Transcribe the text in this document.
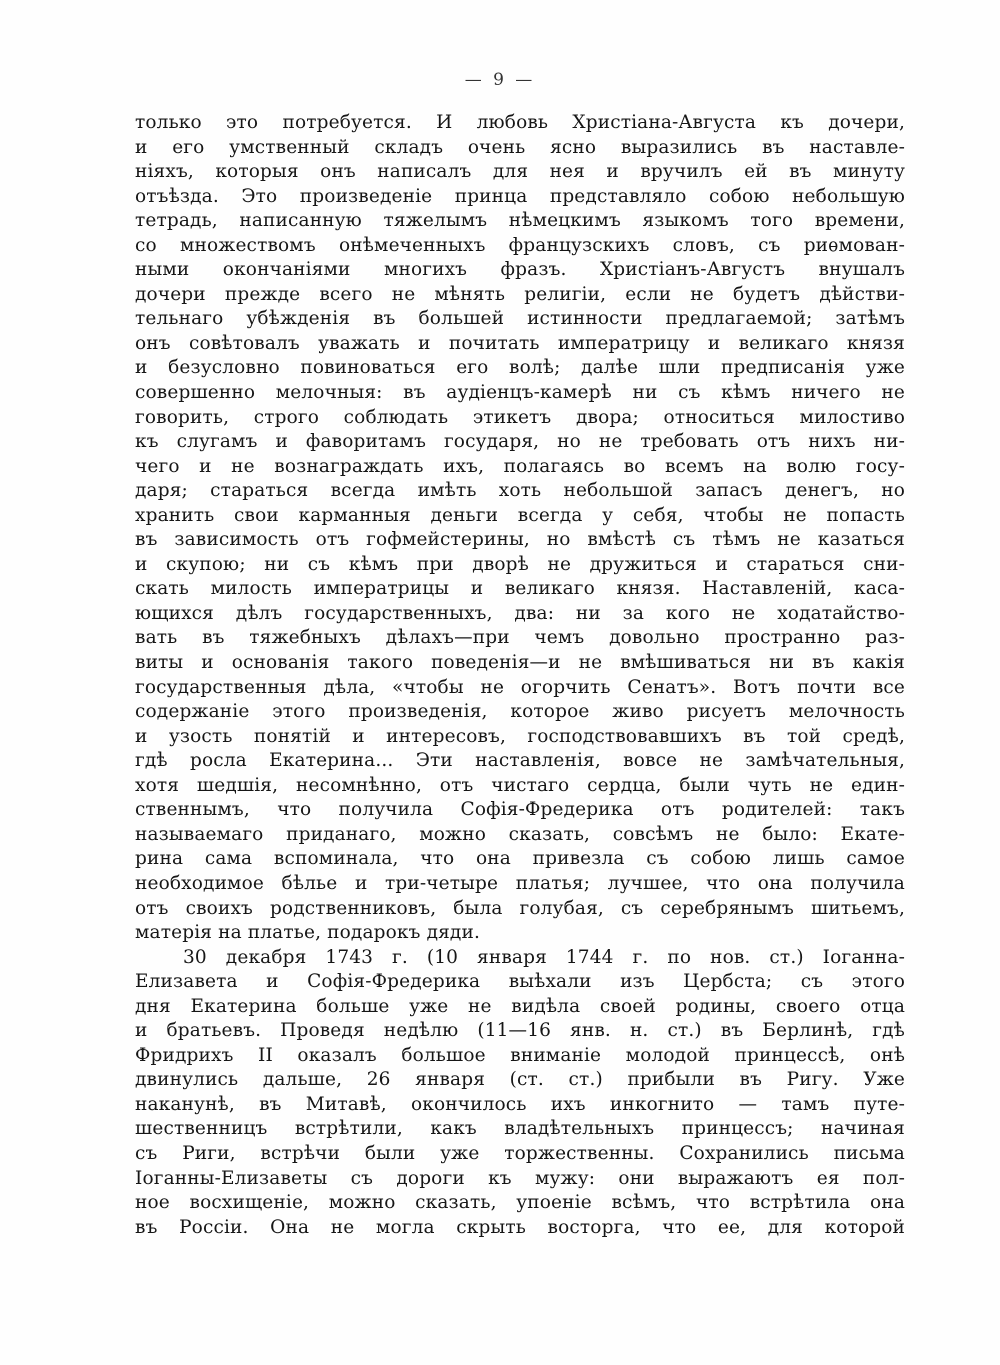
— 9 —
только это потребуется. И любовь Христіана-Августа къ дочери,
и его умственный складъ очень ясно выразились въ наставле-
ніяхъ, которыя онъ написалъ для нея и вручилъ ей въ минуту
отъѣзда. Это произведеніе принца представляло собою небольшую
тетрадь, написанную тяжелымъ нѣмецкимъ языкомъ того времени,
со множествомъ онѣмеченныхъ французскихъ словъ, съ риѳмован-
ными окончаніями многихъ фразъ. Христіанъ-Августъ внушалъ
дочери прежде всего не мѣнять религіи, если не будетъ дѣйстви-
тельнаго убѣжденія въ большей истинности предлагаемой; затѣмъ
онъ совѣтовалъ уважать и почитать императрицу и великаго князя
и безусловно повиноваться его волѣ; далѣе шли предписанія уже
совершенно мелочныя: въ аудіенцъ-камерѣ ни съ кѣмъ ничего не
говорить, строго соблюдать этикетъ двора; относиться милостиво
къ слугамъ и фаворитамъ государя, но не требовать отъ нихъ ни-
чего и не вознаграждать ихъ, полагаясь во всемъ на волю госу-
даря; стараться всегда имѣть хоть небольшой запасъ денегъ, но
хранить свои карманныя деньги всегда у себя, чтобы не попасть
въ зависимость отъ гофмейстерины, но вмѣстѣ съ тѣмъ не казаться
и скупою; ни съ кѣмъ при дворѣ не дружиться и стараться сни-
скать милость императрицы и великаго князя. Наставленій, каса-
ющихся дѣлъ государственныхъ, два: ни за кого не ходатайство-
вать въ тяжебныхъ дѣлахъ—при чемъ довольно пространно раз-
виты и основанія такого поведенія—и не вмѣшиваться ни въ какія
государственныя дѣла, «чтобы не огорчить Сенатъ». Вотъ почти все
содержаніе этого произведенія, которое живо рисуетъ мелочность
и узость понятій и интересовъ, господствовавшихъ въ той средѣ,
гдѣ росла Екатерина... Эти наставленія, вовсе не замѣчательныя,
хотя шедшія, несомнѣнно, отъ чистаго сердца, были чуть не един-
ственнымъ, что получила Софія-Фредерика отъ родителей: такъ
называемаго приданаго, можно сказать, совсѣмъ не было: Екате-
рина сама вспоминала, что она привезла съ собою лишь самое
необходимое бѣлье и три-четыре платья; лучшее, что она получила
отъ своихъ родственниковъ, была голубая, съ серебрянымъ шитьемъ,
матерія на платье, подарокъ дяди.
30 декабря 1743 г. (10 января 1744 г. по нов. ст.) Іоганна-
Елизавета и Софія-Фредерика выѣхали изъ Цербста; съ этого
дня Екатерина больше уже не видѣла своей родины, своего отца
и братьевъ. Проведя недѣлю (11—16 янв. н. ст.) въ Берлинѣ, гдѣ
Фридрихъ II оказалъ большое вниманіе молодой принцессѣ, онѣ
двинулись дальше, 26 января (ст. ст.) прибыли въ Ригу. Уже
наканунѣ, въ Митавѣ, окончилось ихъ инкогнито — тамъ путе-
шественницъ встрѣтили, какъ владѣтельныхъ принцессъ; начиная
съ Риги, встрѣчи были уже торжественны. Сохранились письма
Іоганны-Елизаветы съ дороги къ мужу: они выражаютъ ея пол-
ное восхищеніе, можно сказать, упоеніе всѣмъ, что встрѣтила она
въ Россіи. Она не могла скрыть восторга, что ее, для которой
